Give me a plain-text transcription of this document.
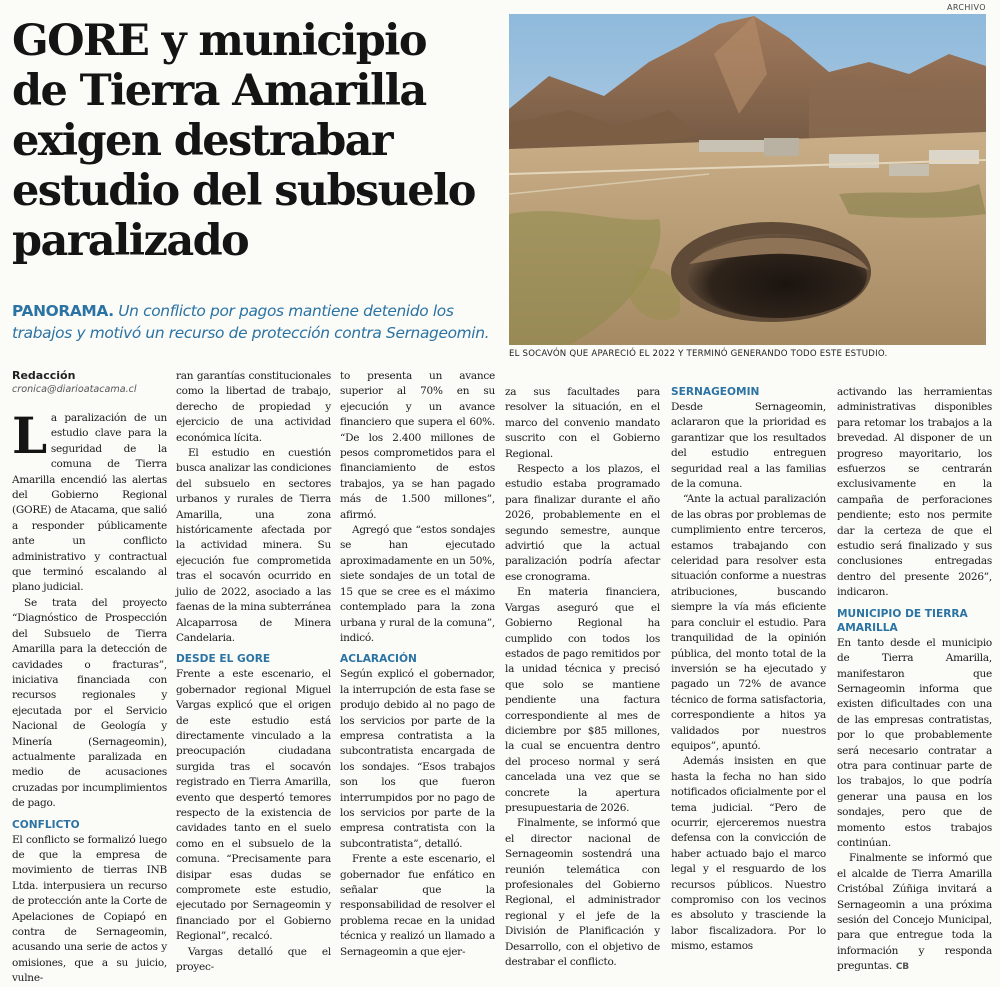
GORE y municipio
de Tierra Amarilla
exigen destrabar
estudio del subsuelo
paralizado

PANORAMA. Un conflicto por pagos mantiene detenido los
trabajos y motivó un recurso de protección contra Sernageomin.

ARCHIVO
EL SOCAVÓN QUE APARECIÓ EL 2022 Y TERMINÓ GENERANDO TODO ESTE ESTUDIO.
Redacción
cronica@diarioatacama.cl

La paralización de un estudio clave para la seguridad de la comuna de Tierra Amarilla encendió las alertas del Gobierno Regional (GORE) de Atacama, que salió a responder públicamente ante un conflicto administrativo y contractual que terminó escalando al plano judicial.

Se trata del proyecto “Diagnóstico de Prospección del Subsuelo de Tierra Amarilla para la detección de cavidades o fracturas”, iniciativa financiada con recursos regionales y ejecutada por el Servicio Nacional de Geología y Minería (Sernageomin), actualmente paralizada en medio de acusaciones cruzadas por incumplimientos de pago.

CONFLICTO

El conflicto se formalizó luego de que la empresa de movimiento de tierras INB Ltda. interpusiera un recurso de protección ante la Corte de Apelaciones de Copiapó en contra de Sernageomin, acusando una serie de actos y omisiones, que a su juicio, vulne-

ran garantías constitucionales como la libertad de trabajo, derecho de propiedad y ejercicio de una actividad económica lícita.

El estudio en cuestión busca analizar las condiciones del subsuelo en sectores urbanos y rurales de Tierra Amarilla, una zona históricamente afectada por la actividad minera. Su ejecución fue comprometida tras el socavón ocurrido en julio de 2022, asociado a las faenas de la mina subterránea Alcaparrosa de Minera Candelaria.

DESDE EL GORE

Frente a este escenario, el gobernador regional Miguel Vargas explicó que el origen de este estudio está directamente vinculado a la preocupación ciudadana surgida tras el socavón registrado en Tierra Amarilla, evento que despertó temores respecto de la existencia de cavidades tanto en el suelo como en el subsuelo de la comuna. “Precisamente para disipar esas dudas se compromete este estudio, ejecutado por Sernageomin y financiado por el Gobierno Regional”, recalcó.

Vargas detalló que el proyec-

to presenta un avance superior al 70% en su ejecución y un avance financiero que supera el 60%. “De los 2.400 millones de pesos comprometidos para el financiamiento de estos trabajos, ya se han pagado más de 1.500 millones”, afirmó.

Agregó que “estos sondajes se han ejecutado aproximadamente en un 50%, siete sondajes de un total de 15 que se cree es el máximo contemplado para la zona urbana y rural de la comuna”, indicó.

ACLARACIÓN

Según explicó el gobernador, la interrupción de esta fase se produjo debido al no pago de los servicios por parte de la empresa contratista a la subcontratista encargada de los sondajes. “Esos trabajos son los que fueron interrumpidos por no pago de los servicios por parte de la empresa contratista con la subcontratista”, detalló.

Frente a este escenario, el gobernador fue enfático en señalar que la responsabilidad de resolver el problema recae en la unidad técnica y realizó un llamado a Sernageomin a que ejer-

za sus facultades para resolver la situación, en el marco del convenio mandato suscrito con el Gobierno Regional.

Respecto a los plazos, el estudio estaba programado para finalizar durante el año 2026, probablemente en el segundo semestre, aunque advirtió que la actual paralización podría afectar ese cronograma.

En materia financiera, Vargas aseguró que el Gobierno Regional ha cumplido con todos los estados de pago remitidos por la unidad técnica y precisó que solo se mantiene pendiente una factura correspondiente al mes de diciembre por $85 millones, la cual se encuentra dentro del proceso normal y será cancelada una vez que se concrete la apertura presupuestaria de 2026.

Finalmente, se informó que el director nacional de Sernageomin sostendrá una reunión telemática con profesionales del Gobierno Regional, el administrador regional y el jefe de la División de Planificación y Desarrollo, con el objetivo de destrabar el conflicto.

SERNAGEOMIN

Desde Sernageomin, aclararon que la prioridad es garantizar que los resultados del estudio entreguen seguridad real a las familias de la comuna.

“Ante la actual paralización de las obras por problemas de cumplimiento entre terceros, estamos trabajando con celeridad para resolver esta situación conforme a nuestras atribuciones, buscando siempre la vía más eficiente para concluir el estudio. Para tranquilidad de la opinión pública, del monto total de la inversión se ha ejecutado y pagado un 72% de avance técnico de forma satisfactoria, correspondiente a hitos ya validados por nuestros equipos”, apuntó.

Además insisten en que hasta la fecha no han sido notificados oficialmente por el tema judicial. “Pero de ocurrir, ejerceremos nuestra defensa con la convicción de haber actuado bajo el marco legal y el resguardo de los recursos públicos. Nuestro compromiso con los vecinos es absoluto y trasciende la labor fiscalizadora. Por lo mismo, estamos

activando las herramientas administrativas disponibles para retomar los trabajos a la brevedad. Al disponer de un progreso mayoritario, los esfuerzos se centrarán exclusivamente en la campaña de perforaciones pendiente; esto nos permite dar la certeza de que el estudio será finalizado y sus conclusiones entregadas dentro del presente 2026”, indicaron.

MUNICIPIO DE TIERRA AMARILLA

En tanto desde el municipio de Tierra Amarilla, manifestaron que Sernageomin informa que existen dificultades con una de las empresas contratistas, por lo que probablemente será necesario contratar a otra para continuar parte de los trabajos, lo que podría generar una pausa en los sondajes, pero que de momento estos trabajos continúan.

Finalmente se informó que el alcalde de Tierra Amarilla Cristóbal Zúñiga invitará a Sernageomin a una próxima sesión del Concejo Municipal, para que entregue toda la información y responda preguntas. CB
